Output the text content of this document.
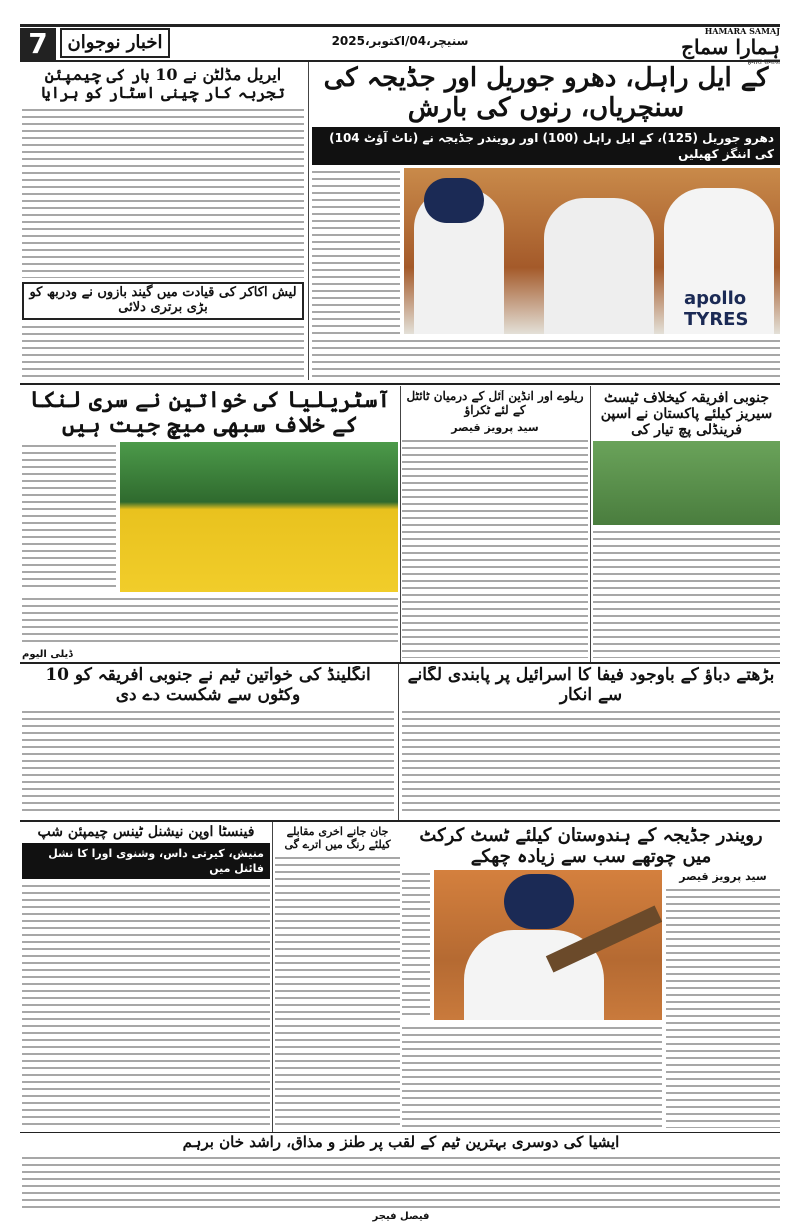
7	اخبار نوجوان	سنیچر،04/اکتوبر،2025
HAMARA SAMAJ
ہمارا سماج
हमारा समाज
کے ایل راہل، دھرو جوریل اور جڈیجہ کی سنچریاں، رنوں کی بارش
دھرو جوریل (125)، کے ایل راہل (100) اور رویندر جڈیجہ نے (ناٹ آؤٹ 104) کی اننگز کھیلیں
apollo TYRES
ایریل مڈلٹن نے 10 بار کی چیمپئن تجربہ کار چینی اسٹار کو ہرایا
لیش اکاکر کی قیادت میں گیند بازوں نے ودربھ کو بڑی برتری دلائی
آسٹریلیا کی خواتین نے سری لنکا کے خلاف سبھی میچ جیت ہیں
ڈیلی الیوم
ریلوے اور انڈین آئل کے درمیان ٹائٹل کے لئے ٹکراؤ
سید پرویز قیصر
جنوبی افریقہ کیخلاف ٹیسٹ سیریز کیلئے پاکستان نے اسپن فرینڈلی پچ تیار کی
انگلینڈ کی خواتین ٹیم نے جنوبی افریقہ کو 10 وکٹوں سے شکست دے دی
بڑھتے دباؤ کے باوجود فیفا کا اسرائیل پر پابندی لگانے سے انکار
فینسٹا اوپن نیشنل ٹینس چیمپئن شپ
منیش، کیرتی داس، وشنوی اورا کا نشل فائنل میں
جان جانے آخری مقابلے کیلئے رنگ میں اترے گی	رویندر جڈیجہ کے ہندوستان کیلئے ٹسٹ کرکٹ میں چوتھے سب سے زیادہ چھکے
سید پرویز قیصر
ایشیا کی دوسری بہترین ٹیم کے لقب پر طنز و مذاق، راشد خان برہم
فیصل فیجر
